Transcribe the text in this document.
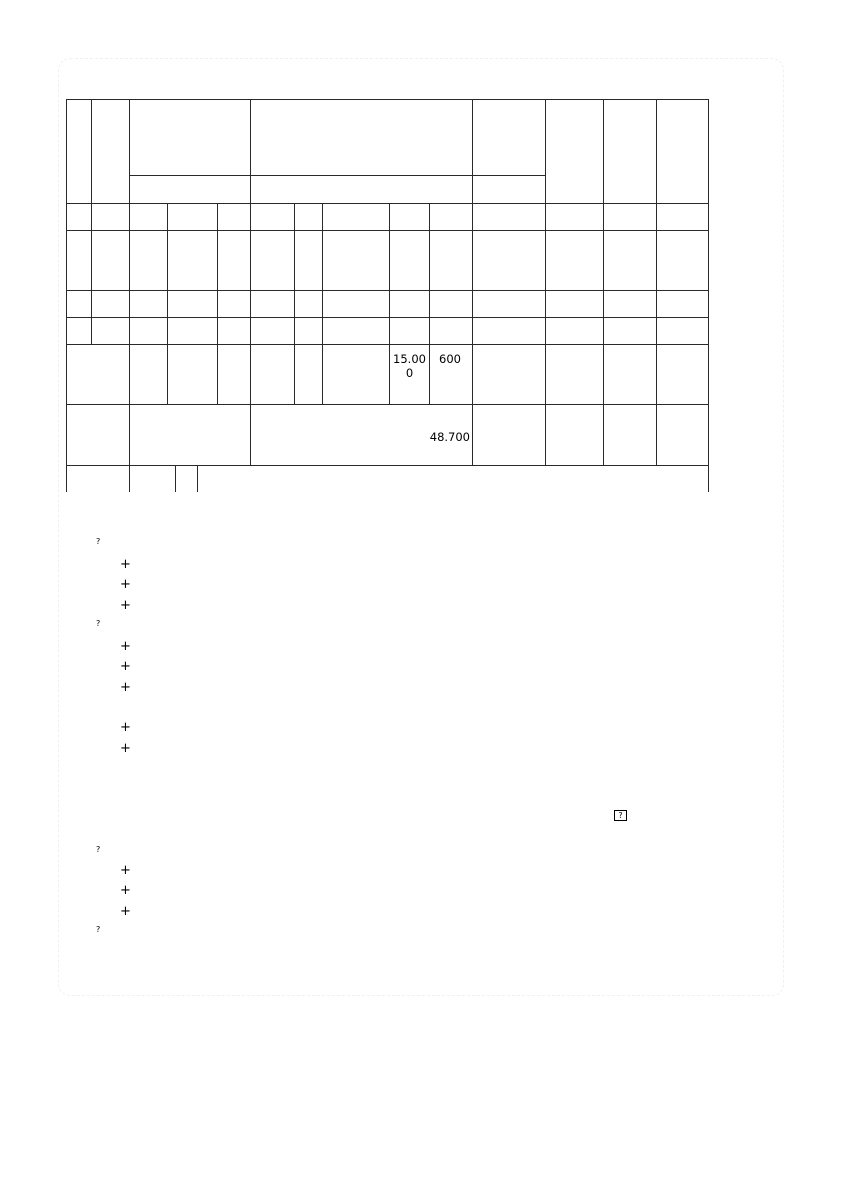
15.000
600
48.700
?
+
+
+
?
+
+
+
+
+
?
?
+
+
+
?
